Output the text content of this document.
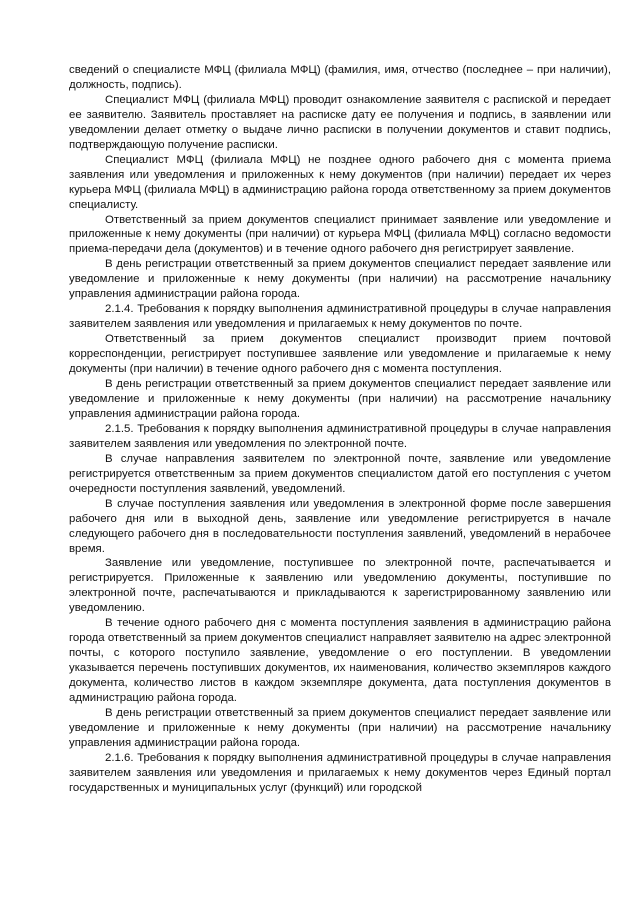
сведений о специалисте МФЦ (филиала МФЦ) (фамилия, имя, отчество (последнее – при наличии), должность, подпись).

Специалист МФЦ (филиала МФЦ) проводит ознакомление заявителя с распиской и передает ее заявителю. Заявитель проставляет на расписке дату ее получения и подпись, в заявлении или уведомлении делает отметку о выдаче лично расписки в получении документов и ставит подпись, подтверждающую получение расписки.

Специалист МФЦ (филиала МФЦ) не позднее одного рабочего дня с момента приема заявления или уведомления и приложенных к нему документов (при наличии) передает их через курьера МФЦ (филиала МФЦ) в администрацию района города ответственному за прием документов специалисту.

Ответственный за прием документов специалист принимает заявление или уведомление и приложенные к нему документы (при наличии) от курьера МФЦ (филиала МФЦ) согласно ведомости приема-передачи дела (документов) и в течение одного рабочего дня регистрирует заявление.

В день регистрации ответственный за прием документов специалист передает заявление или уведомление и приложенные к нему документы (при наличии) на рассмотрение начальнику управления администрации района города.

2.1.4. Требования к порядку выполнения административной процедуры в случае направления заявителем заявления или уведомления и прилагаемых к нему документов по почте.

Ответственный за прием документов специалист производит прием почтовой корреспонденции, регистрирует поступившее заявление или уведомление и прилагаемые к нему документы (при наличии) в течение одного рабочего дня с момента поступления.

В день регистрации ответственный за прием документов специалист передает заявление или уведомление и приложенные к нему документы (при наличии) на рассмотрение начальнику управления администрации района города.

2.1.5. Требования к порядку выполнения административной процедуры в случае направления заявителем заявления или уведомления по электронной почте.

В случае направления заявителем по электронной почте, заявление или уведомление регистрируется ответственным за прием документов специалистом датой его поступления с учетом очередности поступления заявлений, уведомлений.

В случае поступления заявления или уведомления в электронной форме после завершения рабочего дня или в выходной день, заявление или уведомление регистрируется в начале следующего рабочего дня в последовательности поступления заявлений, уведомлений в нерабочее время.

Заявление или уведомление, поступившее по электронной почте, распечатывается и регистрируется. Приложенные к заявлению или уведомлению документы, поступившие по электронной почте, распечатываются и прикладываются к зарегистрированному заявлению или уведомлению.

В течение одного рабочего дня с момента поступления заявления в администрацию района города ответственный за прием документов специалист направляет заявителю на адрес электронной почты, с которого поступило заявление, уведомление о его поступлении. В уведомлении указывается перечень поступивших документов, их наименования, количество экземпляров каждого документа, количество листов в каждом экземпляре документа, дата поступления документов в администрацию района города.

В день регистрации ответственный за прием документов специалист передает заявление или уведомление и приложенные к нему документы (при наличии) на рассмотрение начальнику управления администрации района города.

2.1.6. Требования к порядку выполнения административной процедуры в случае направления заявителем заявления или уведомления и прилагаемых к нему документов через Единый портал государственных и муниципальных услуг (функций) или городской
